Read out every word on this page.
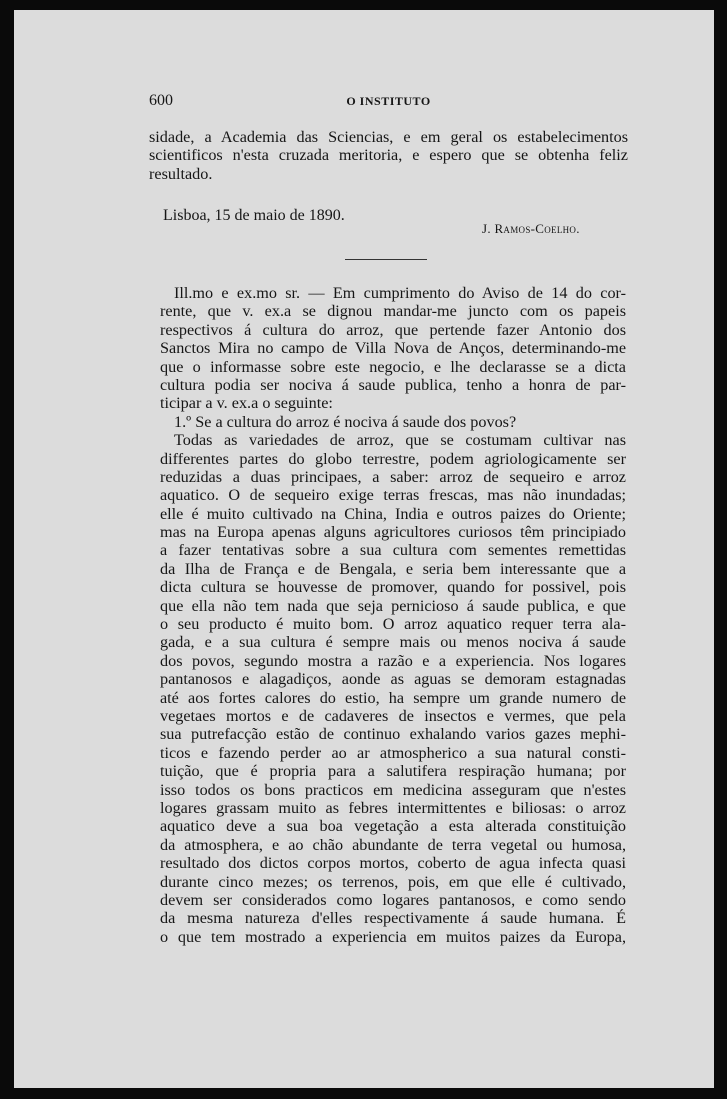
600	O INSTITUTO
sidade, a Academia das Sciencias, e em geral os estabelecimentos
scientificos n'esta cruzada meritoria, e espero que se obtenha feliz
resultado.
Lisboa, 15 de maio de 1890.
J. Ramos-Coelho.
Ill.mo e ex.mo sr. — Em cumprimento do Aviso de 14 do cor-
rente, que v. ex.a se dignou mandar-me juncto com os papeis
respectivos á cultura do arroz, que pertende fazer Antonio dos
Sanctos Mira no campo de Villa Nova de Anços, determinando-me
que o informasse sobre este negocio, e lhe declarasse se a dicta
cultura podia ser nociva á saude publica, tenho a honra de par-
ticipar a v. ex.a o seguinte:
1.º Se a cultura do arroz é nociva á saude dos povos?
Todas as variedades de arroz, que se costumam cultivar nas
differentes partes do globo terrestre, podem agriologicamente ser
reduzidas a duas principaes, a saber: arroz de sequeiro e arroz
aquatico. O de sequeiro exige terras frescas, mas não inundadas;
elle é muito cultivado na China, India e outros paizes do Oriente;
mas na Europa apenas alguns agricultores curiosos têm principiado
a fazer tentativas sobre a sua cultura com sementes remettidas
da Ilha de França e de Bengala, e seria bem interessante que a
dicta cultura se houvesse de promover, quando for possivel, pois
que ella não tem nada que seja pernicioso á saude publica, e que
o seu producto é muito bom. O arroz aquatico requer terra ala-
gada, e a sua cultura é sempre mais ou menos nociva á saude
dos povos, segundo mostra a razão e a experiencia. Nos logares
pantanosos e alagadiços, aonde as aguas se demoram estagnadas
até aos fortes calores do estio, ha sempre um grande numero de
vegetaes mortos e de cadaveres de insectos e vermes, que pela
sua putrefacção estão de continuo exhalando varios gazes mephi-
ticos e fazendo perder ao ar atmospherico a sua natural consti-
tuição, que é propria para a salutifera respiração humana; por
isso todos os bons practicos em medicina asseguram que n'estes
logares grassam muito as febres intermittentes e biliosas: o arroz
aquatico deve a sua boa vegetação a esta alterada constituição
da atmosphera, e ao chão abundante de terra vegetal ou humosa,
resultado dos dictos corpos mortos, coberto de agua infecta quasi
durante cinco mezes; os terrenos, pois, em que elle é cultivado,
devem ser considerados como logares pantanosos, e como sendo
da mesma natureza d'elles respectivamente á saude humana. É
o que tem mostrado a experiencia em muitos paizes da Europa,
